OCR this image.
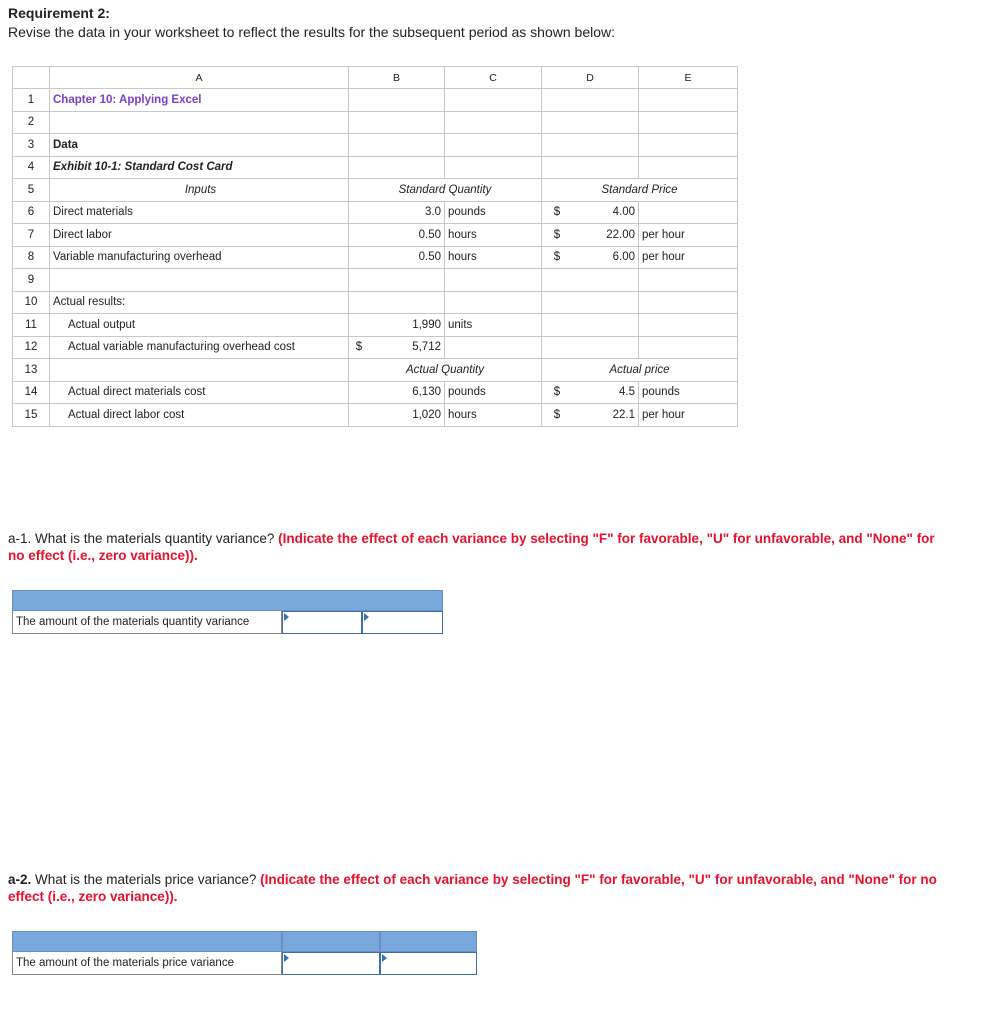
Requirement 2:
Revise the data in your worksheet to reflect the results for the subsequent period as shown below:
A	B	C	D	E
1	Chapter 10: Applying Excel
2
3	Data
4	Exhibit 10-1: Standard Cost Card
5	Inputs	Standard Quantity	Standard Price
6	Direct materials	3.0 pounds	$	4.00
7	Direct labor	0.50 hours	$	22.00 per hour
8	Variable manufacturing overhead	0.50 hours	$	6.00 per hour
9
10	Actual results:
11	Actual output	1,990 units
12	Actual variable manufacturing overhead cost	$	5,712
13	Actual Quantity	Actual price
14	Actual direct materials cost	6,130 pounds	$	4.5 pounds
15	Actual direct labor cost	1,020 hours	$	22.1 per hour
a-1. What is the materials quantity variance? (Indicate the effect of each variance by selecting "F" for favorable, "U" for unfavorable, and "None" for no effect (i.e., zero variance)).
The amount of the materials quantity variance
a-2. What is the materials price variance? (Indicate the effect of each variance by selecting "F" for favorable, "U" for unfavorable, and "None" for no effect (i.e., zero variance)).
The amount of the materials price variance
